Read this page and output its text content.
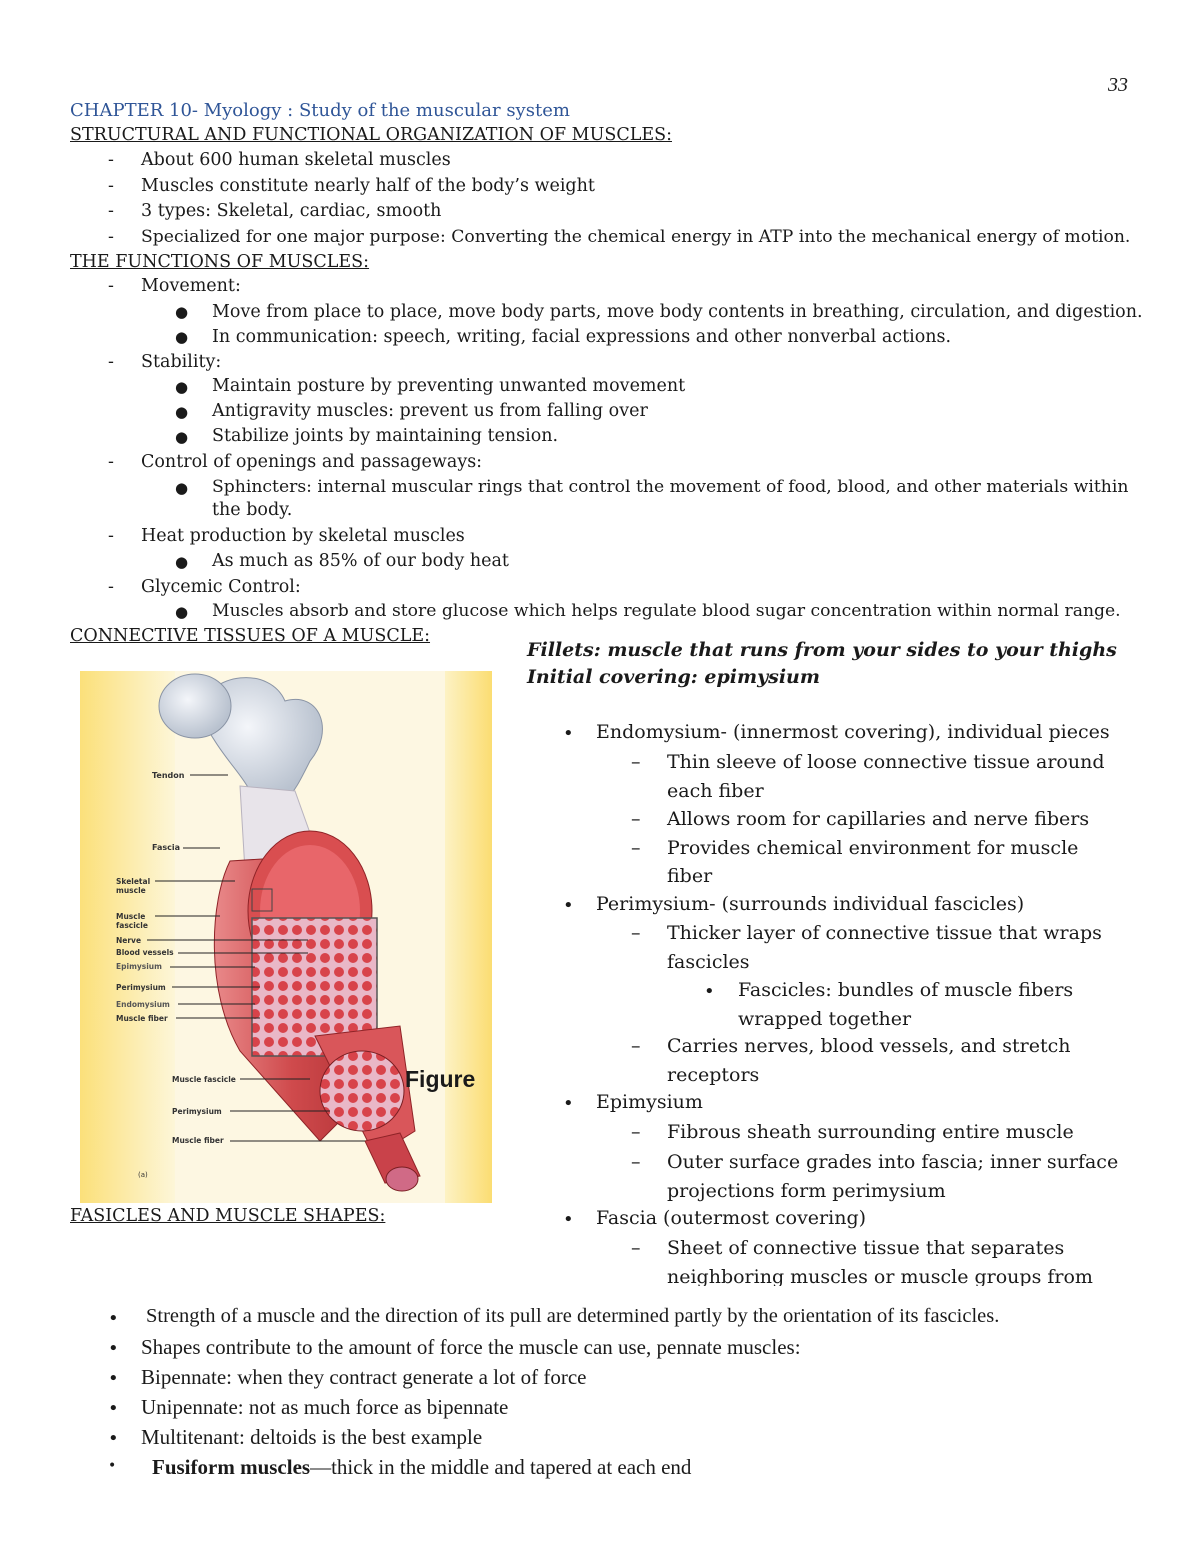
33
CHAPTER 10- Myology : Study of the muscular system
STRUCTURAL AND FUNCTIONAL ORGANIZATION OF MUSCLES:
- About 600 human skeletal muscles
- Muscles constitute nearly half of the body’s weight
- 3 types: Skeletal, cardiac, smooth
- Specialized for one major purpose: Converting the chemical energy in ATP into the mechanical energy of motion.
THE FUNCTIONS OF MUSCLES:
- Movement:
● Move from place to place, move body parts, move body contents in breathing, circulation, and digestion.
● In communication: speech, writing, facial expressions and other nonverbal actions.
- Stability:
● Maintain posture by preventing unwanted movement
● Antigravity muscles: prevent us from falling over
● Stabilize joints by maintaining tension.
- Control of openings and passageways:
● Sphincters: internal muscular rings that control the movement of food, blood, and other materials within
the body.
- Heat production by skeletal muscles
● As much as 85% of our body heat
- Glycemic Control:
● Muscles absorb and store glucose which helps regulate blood sugar concentration within normal range.
CONNECTIVE TISSUES OF A MUSCLE:
Tendon
Fascia
Skeletal muscle
Muscle fascicle
Nerve
Blood vessels
Epimysium
Perimysium
Endomysium
Muscle fiber
Muscle fascicle
Perimysium
Muscle fiber
Figure
(a)
Fillets: muscle that runs from your sides to your thighs
Initial covering: epimysium
• Endomysium- (innermost covering), individual pieces
– Thin sleeve of loose connective tissue around
each fiber
– Allows room for capillaries and nerve fibers
– Provides chemical environment for muscle
fiber
• Perimysium- (surrounds individual fascicles)
– Thicker layer of connective tissue that wraps
fascicles
• Fascicles: bundles of muscle fibers
wrapped together
– Carries nerves, blood vessels, and stretch
receptors
• Epimysium
– Fibrous sheath surrounding entire muscle
– Outer surface grades into fascia; inner surface
projections form perimysium
• Fascia (outermost covering)
– Sheet of connective tissue that separates
neighboring muscles or muscle groups from
FASICLES AND MUSCLE SHAPES:
• Strength of a muscle and the direction of its pull are determined partly by the orientation of its fascicles.
• Shapes contribute to the amount of force the muscle can use, pennate muscles:
• Bipennate: when they contract generate a lot of force
• Unipennate: not as much force as bipennate
• Multitenant: deltoids is the best example
• Fusiform muscles—thick in the middle and tapered at each end
